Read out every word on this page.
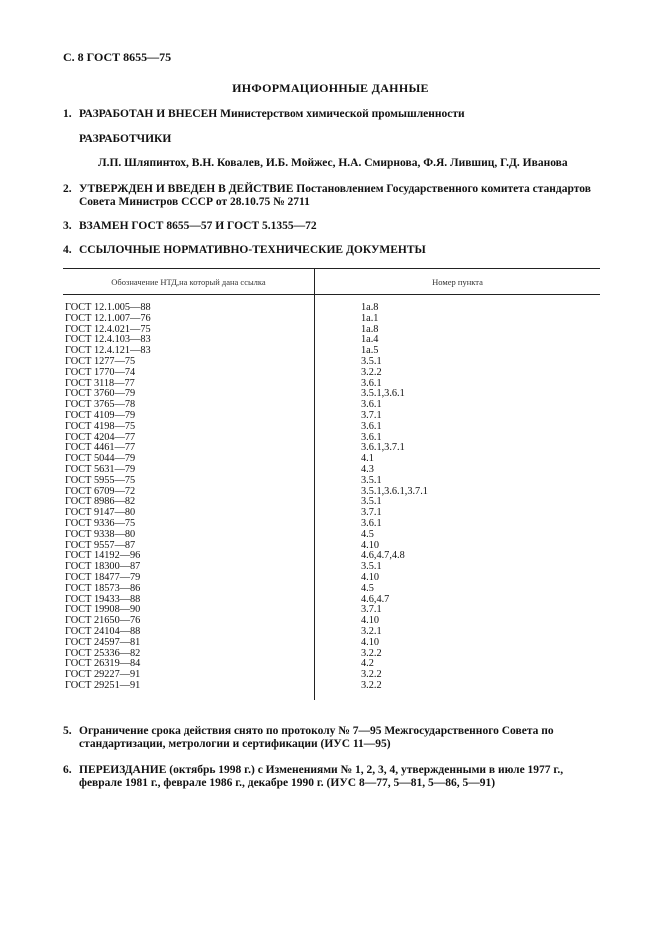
С. 8 ГОСТ 8655—75
ИНФОРМАЦИОННЫЕ ДАННЫЕ
1. РАЗРАБОТАН И ВНЕСЕН Министерством химической промышленности
РАЗРАБОТЧИКИ
Л.П. Шляпинтох, В.Н. Ковалев, И.Б. Мойжес, Н.А. Смирнова, Ф.Я. Лившиц, Г.Д. Иванова
2. УТВЕРЖДЕН И ВВЕДЕН В ДЕЙСТВИЕ Постановлением Государственного комитета стандартов Совета Министров СССР от 28.10.75 № 2711
3. ВЗАМЕН ГОСТ 8655—57 И ГОСТ 5.1355—72
4. ССЫЛОЧНЫЕ НОРМАТИВНО-ТЕХНИЧЕСКИЕ ДОКУМЕНТЫ
Обозначение НТД,на который дана ссылка	Номер пункта
ГОСТ 12.1.005—88	1а.8
ГОСТ 12.1.007—76	1а.1
ГОСТ 12.4.021—75	1а.8
ГОСТ 12.4.103—83	1а.4
ГОСТ 12.4.121—83	1а.5
ГОСТ 1277—75	3.5.1
ГОСТ 1770—74	3.2.2
ГОСТ 3118—77	3.6.1
ГОСТ 3760—79	3.5.1,3.6.1
ГОСТ 3765—78	3.6.1
ГОСТ 4109—79	3.7.1
ГОСТ 4198—75	3.6.1
ГОСТ 4204—77	3.6.1
ГОСТ 4461—77	3.6.1,3.7.1
ГОСТ 5044—79	4.1
ГОСТ 5631—79	4.3
ГОСТ 5955—75	3.5.1
ГОСТ 6709—72	3.5.1,3.6.1,3.7.1
ГОСТ 8986—82	3.5.1
ГОСТ 9147—80	3.7.1
ГОСТ 9336—75	3.6.1
ГОСТ 9338—80	4.5
ГОСТ 9557—87	4.10
ГОСТ 14192—96	4.6,4.7,4.8
ГОСТ 18300—87	3.5.1
ГОСТ 18477—79	4.10
ГОСТ 18573—86	4.5
ГОСТ 19433—88	4.6,4.7
ГОСТ 19908—90	3.7.1
ГОСТ 21650—76	4.10
ГОСТ 24104—88	3.2.1
ГОСТ 24597—81	4.10
ГОСТ 25336—82	3.2.2
ГОСТ 26319—84	4.2
ГОСТ 29227—91	3.2.2
ГОСТ 29251—91	3.2.2
5. Ограничение срока действия снято по протоколу № 7—95 Межгосударственного Совета по стандартизации, метрологии и сертификации (ИУС 11—95)
6. ПЕРЕИЗДАНИЕ (октябрь 1998 г.) с Изменениями № 1, 2, 3, 4, утвержденными в июле 1977 г., феврале 1981 г., феврале 1986 г., декабре 1990 г. (ИУС 8—77, 5—81, 5—86, 5—91)
